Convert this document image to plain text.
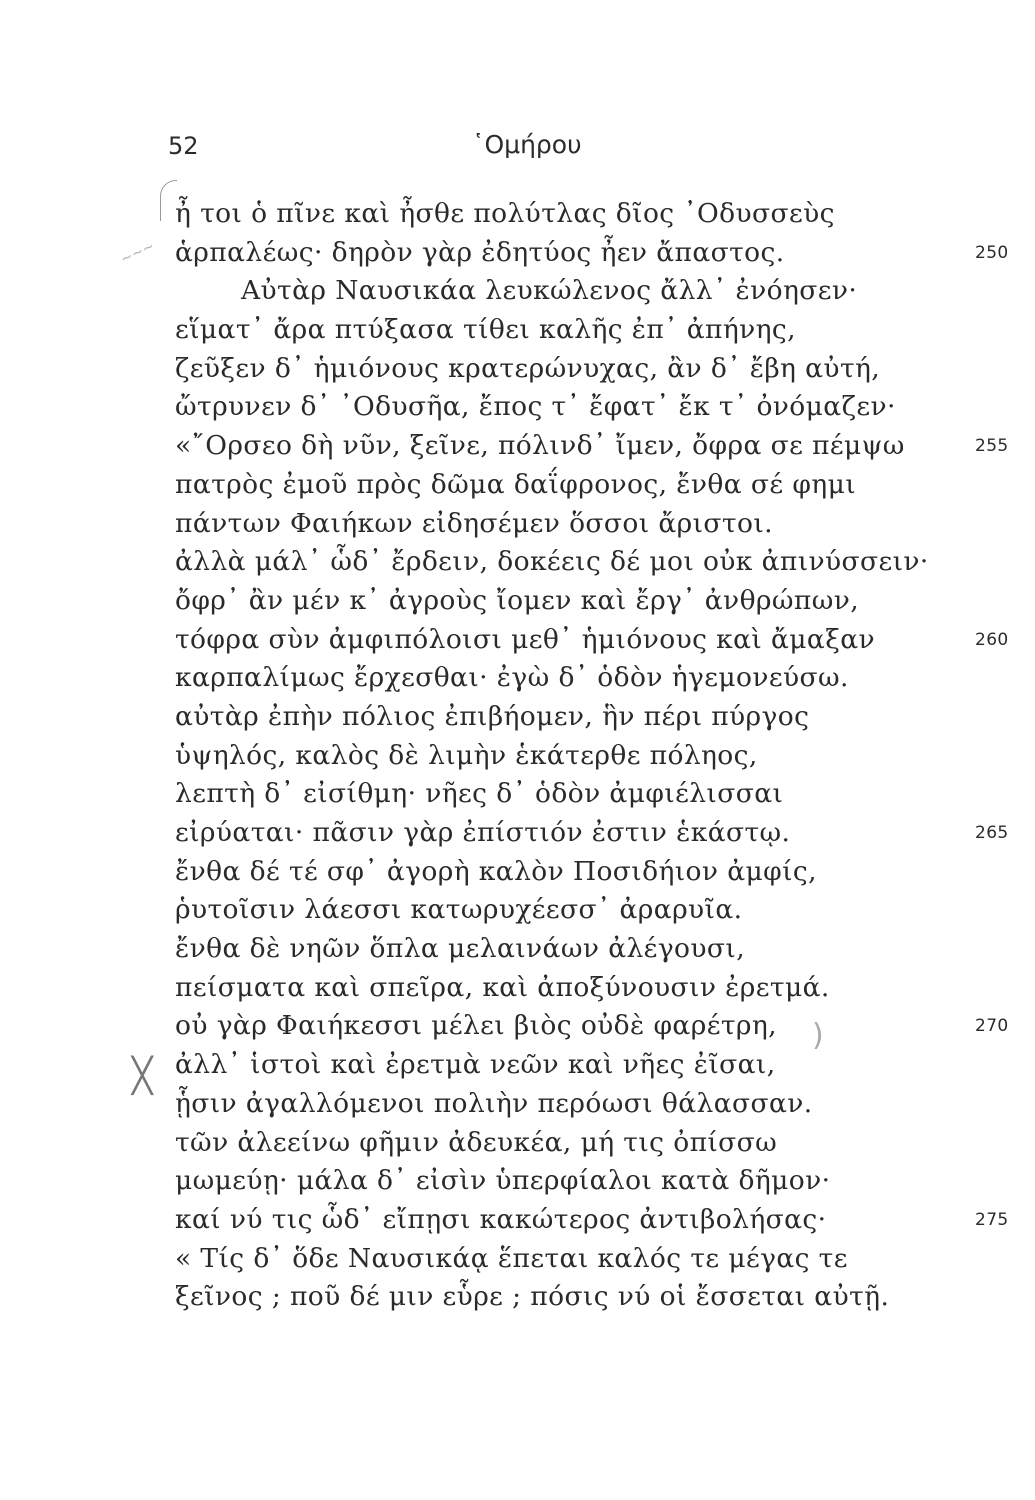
52	῾Ομήρου
~~~
╳
)
ἦ τοι ὁ πῖνε καὶ ἦσθε πολύτλας δῖος ᾿Οδυσσεὺς
ἁρπαλέως· δηρὸν γὰρ ἐδητύος ἦεν ἄπαστος.	250
Αὐτὰρ Ναυσικάα λευκώλενος ἄλλ᾿ ἐνόησεν·
εἵματ᾿ ἄρα πτύξασα τίθει καλῆς ἐπ᾿ ἀπήνης,
ζεῦξεν δ᾿ ἡμιόνους κρατερώνυχας, ἂν δ᾿ ἔβη αὐτή,
ὤτρυνεν δ᾿ ᾿Οδυσῆα, ἔπος τ᾿ ἔφατ᾿ ἔκ τ᾿ ὀνόμαζεν·
«῎Ορσεο δὴ νῦν, ξεῖνε, πόλινδ᾿ ἴμεν, ὄφρα σε πέμψω	255
πατρὸς ἐμοῦ πρὸς δῶμα δαΐφρονος, ἔνθα σέ φημι
πάντων Φαιήκων εἰδησέμεν ὅσσοι ἄριστοι.
ἀλλὰ μάλ᾿ ὧδ᾿ ἔρδειν, δοκέεις δέ μοι οὐκ ἀπινύσσειν·
ὄφρ᾿ ἂν μέν κ᾿ ἀγροὺς ἴομεν καὶ ἔργ᾿ ἀνθρώπων,
τόφρα σὺν ἀμφιπόλοισι μεθ᾿ ἡμιόνους καὶ ἄμαξαν	260
καρπαλίμως ἔρχεσθαι· ἐγὼ δ᾿ ὁδὸν ἡγεμονεύσω.
αὐτὰρ ἐπὴν πόλιος ἐπιβήομεν, ἣν πέρι πύργος
ὑψηλός, καλὸς δὲ λιμὴν ἑκάτερθε πόληος,
λεπτὴ δ᾿ εἰσίθμη· νῆες δ᾿ ὁδὸν ἀμφιέλισσαι
εἰρύαται· πᾶσιν γὰρ ἐπίστιόν ἐστιν ἑκάστῳ.	265
ἔνθα δέ τέ σφ᾿ ἀγορὴ καλὸν Ποσιδήιον ἀμφίς,
ῥυτοῖσιν λάεσσι κατωρυχέεσσ᾿ ἀραρυῖα.
ἔνθα δὲ νηῶν ὅπλα μελαινάων ἀλέγουσι,
πείσματα καὶ σπεῖρα, καὶ ἀποξύνουσιν ἐρετμά.
οὐ γὰρ Φαιήκεσσι μέλει βιὸς οὐδὲ φαρέτρη,	270
ἀλλ᾿ ἱστοὶ καὶ ἐρετμὰ νεῶν καὶ νῆες ἐῖσαι,
ᾗσιν ἀγαλλόμενοι πολιὴν περόωσι θάλασσαν.
τῶν ἀλεείνω φῆμιν ἀδευκέα, μή τις ὀπίσσω
μωμεύῃ· μάλα δ᾿ εἰσὶν ὑπερφίαλοι κατὰ δῆμον·
καί νύ τις ὧδ᾿ εἴπῃσι κακώτερος ἀντιβολήσας·	275
« Τίς δ᾿ ὅδε Ναυσικάᾳ ἕπεται καλός τε μέγας τε
ξεῖνος ; ποῦ δέ μιν εὗρε ; πόσις νύ οἱ ἔσσεται αὐτῇ.
